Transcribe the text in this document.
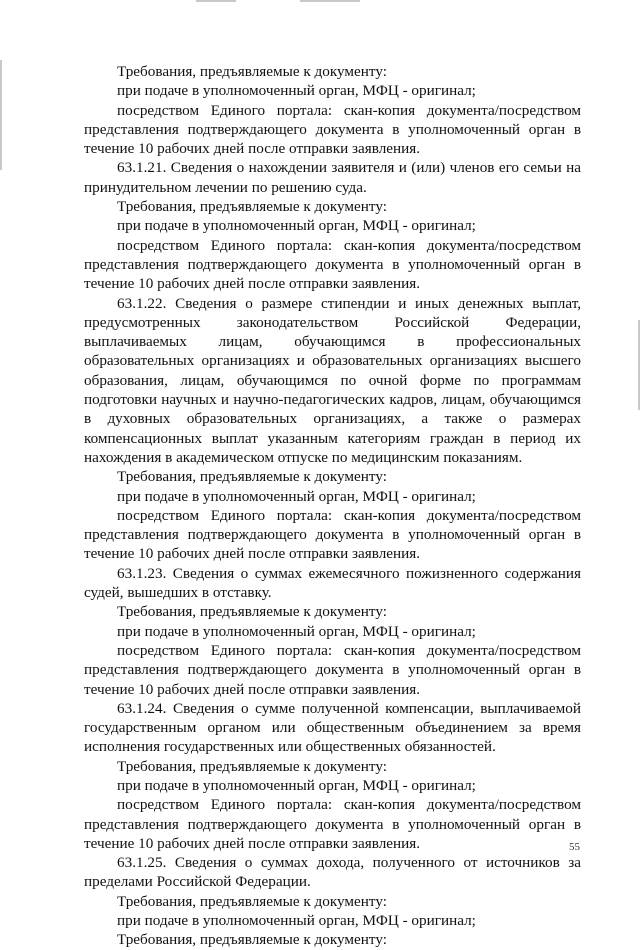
Требования, предъявляемые к документу:

при подаче в уполномоченный орган, МФЦ - оригинал;

посредством Единого портала: скан-копия документа/посредством представления подтверждающего документа в уполномоченный орган в течение 10 рабочих дней после отправки заявления.

63.1.21. Сведения о нахождении заявителя и (или) членов его семьи на принудительном лечении по решению суда.

Требования, предъявляемые к документу:

при подаче в уполномоченный орган, МФЦ - оригинал;

посредством Единого портала: скан-копия документа/посредством представления подтверждающего документа в уполномоченный орган в течение 10 рабочих дней после отправки заявления.

63.1.22. Сведения о размере стипендии и иных денежных выплат, предусмотренных законодательством Российской Федерации, выплачиваемых лицам, обучающимся в профессиональных образовательных организациях и образовательных организациях высшего образования, лицам, обучающимся по очной форме по программам подготовки научных и научно-педагогических кадров, лицам, обучающимся в духовных образовательных организациях, а также о размерах компенсационных выплат указанным категориям граждан в период их нахождения в академическом отпуске по медицинским показаниям.

Требования, предъявляемые к документу:

при подаче в уполномоченный орган, МФЦ - оригинал;

посредством Единого портала: скан-копия документа/посредством представления подтверждающего документа в уполномоченный орган в течение 10 рабочих дней после отправки заявления.

63.1.23. Сведения о суммах ежемесячного пожизненного содержания судей, вышедших в отставку.

Требования, предъявляемые к документу:

при подаче в уполномоченный орган, МФЦ - оригинал;

посредством Единого портала: скан-копия документа/посредством представления подтверждающего документа в уполномоченный орган в течение 10 рабочих дней после отправки заявления.

63.1.24. Сведения о сумме полученной компенсации, выплачиваемой государственным органом или общественным объединением за время исполнения государственных или общественных обязанностей.

Требования, предъявляемые к документу:

при подаче в уполномоченный орган, МФЦ - оригинал;

посредством Единого портала: скан-копия документа/посредством представления подтверждающего документа в уполномоченный орган в течение 10 рабочих дней после отправки заявления.

63.1.25. Сведения о суммах дохода, полученного от источников за пределами Российской Федерации.

Требования, предъявляемые к документу:

при подаче в уполномоченный орган, МФЦ - оригинал;

Требования, предъявляемые к документу:

55
